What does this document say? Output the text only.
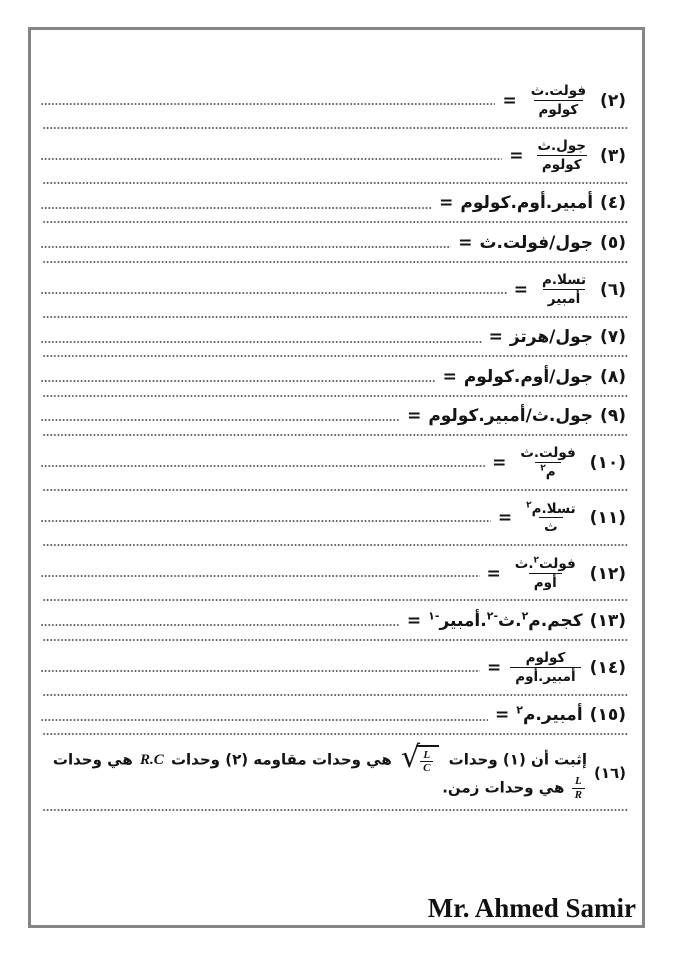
(٢)
$\frac{\text{فولت.ث}}{\text{كولوم}}$
=
(٣)
$\frac{\text{جول.ث}}{\text{كولوم}}$
=
(٤)
أمبير.أوم.كولوم
=
(٥)
جول/فولت.ث
=
(٦)
$\frac{\text{تسلا.م}}{\text{أمبير}}$
=
(٧)
جول/هرتز
=
(٨)
جول/أوم.كولوم
=
(٩)
جول.ث/أمبير.كولوم
=
(١٠)
$\frac{\text{فولت.ث}}{م^٢}$
=
(١١)
$\frac{تسلا.م^٢}{\text{ث}}$
=
(١٢)
$\frac{فولت^٢.ث}{\text{أوم}}$
=
(١٣)
كجم.م$^٢$.ث$^{-٢}$.أمبير$^{-١}$
=
(١٤)
$\frac{\text{كولوم}}{\text{أمبير.أوم}}$
=
(١٥)
أمبير.م$^٢$
=
(١٦)
إثبت أن (١) وحدات
√ $\frac{L}{C}$
هي وحدات مقاومه (٢) وحدات R.C هي وحدات
$\frac{L}{R}$
هي وحدات زمن.
Mr. Ahmed Samir
